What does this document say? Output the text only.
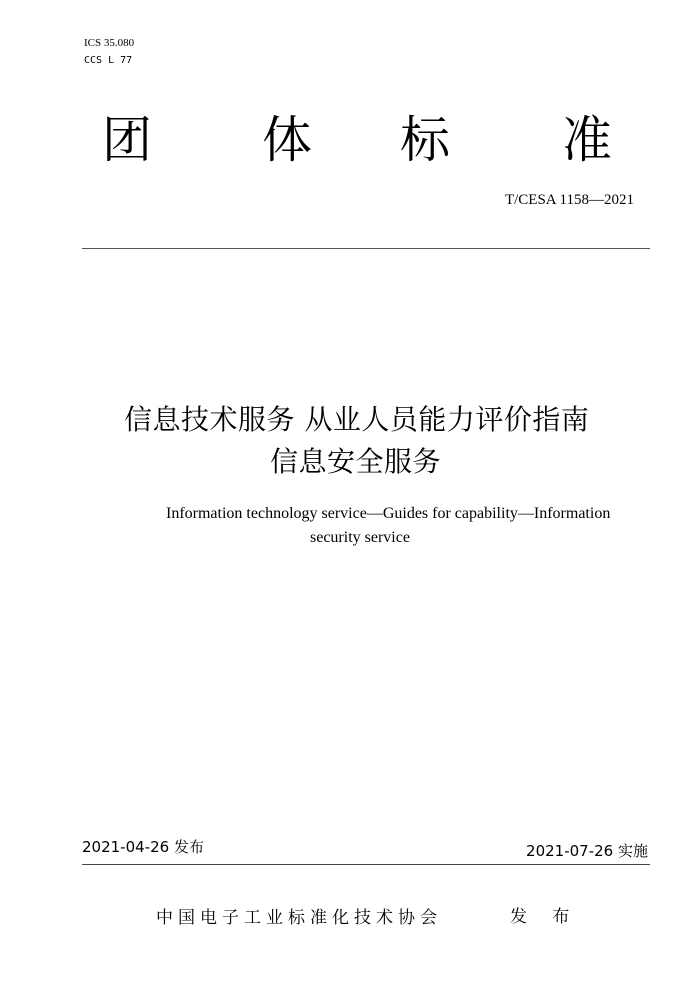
ICS 35.080
CCS L 77
团 体 标 准
T/CESA 1158—2021
信息技术服务 从业人员能力评价指南
信息安全服务
Information technology service—Guides for capability—Information
security service
2021-04-26 发布	2021-07-26 实施
中国电子工业标准化技术协会	发 布
